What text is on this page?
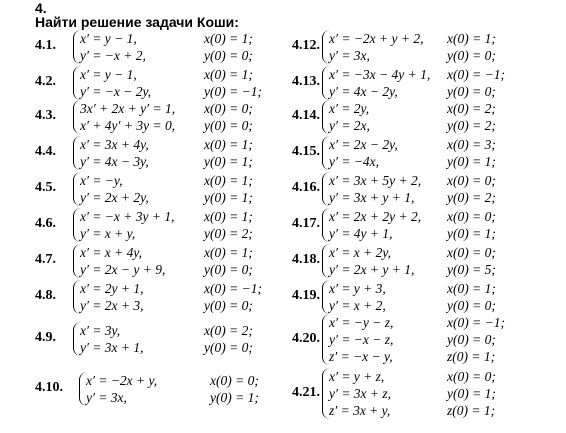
4.
Найти решение задачи Коши:
4.1. x′ = y − 1,	x(0) = 1;
y′ = −x + 2,	y(0) = 0;
4.2. x′ = y − 1,	x(0) = 1;
y′ = −x − 2y,	y(0) = −1;
4.3. 3x′ + 2x + y′ = 1,	x(0) = 0;
x′ + 4y′ + 3y = 0,	y(0) = 0;
4.4. x′ = 3x + 4y,	x(0) = 1;
y′ = 4x − 3y,	y(0) = 1;
4.5. x′ = −y,	x(0) = 1;
y′ = 2x + 2y,	y(0) = 1;
4.6. x′ = −x + 3y + 1,	x(0) = 1;
y′ = x + y,	y(0) = 2;
4.7. x′ = x + 4y,	x(0) = 1;
y′ = 2x − y + 9,	y(0) = 0;
4.8. x′ = 2y + 1,	x(0) = −1;
y′ = 2x + 3,	y(0) = 0;
4.9. x′ = 3y,	x(0) = 2;
y′ = 3x + 1,	y(0) = 0;
4.10. x′ = −2x + y,	x(0) = 0;
y′ = 3x,	y(0) = 1;
4.12. x′ = −2x + y + 2,	x(0) = 1;
y′ = 3x,	y(0) = 0;
4.13. x′ = −3x − 4y + 1,	x(0) = −1;
y′ = 4x − 2y,	y(0) = 0;
4.14. x′ = 2y,	x(0) = 2;
y′ = 2x,	y(0) = 2;
4.15. x′ = 2x − 2y,	x(0) = 3;
y′ = −4x,	y(0) = 1;
4.16. x′ = 3x + 5y + 2,	x(0) = 0;
y′ = 3x + y + 1,	y(0) = 2;
4.17. x′ = 2x + 2y + 2,	x(0) = 0;
y′ = 4y + 1,	y(0) = 1;
4.18. x′ = x + 2y,	x(0) = 0;
y′ = 2x + y + 1,	y(0) = 5;
4.19. x′ = y + 3,	x(0) = 1;
y′ = x + 2,	y(0) = 0;
4.20.
x′ = −y − z,	x(0) = −1;
y′ = −x − z,	y(0) = 0;
z′ = −x − y,	z(0) = 1;
4.21.
x′ = y + z,	x(0) = 0;
y′ = 3x + z,	y(0) = 1;
z′ = 3x + y,	z(0) = 1;
